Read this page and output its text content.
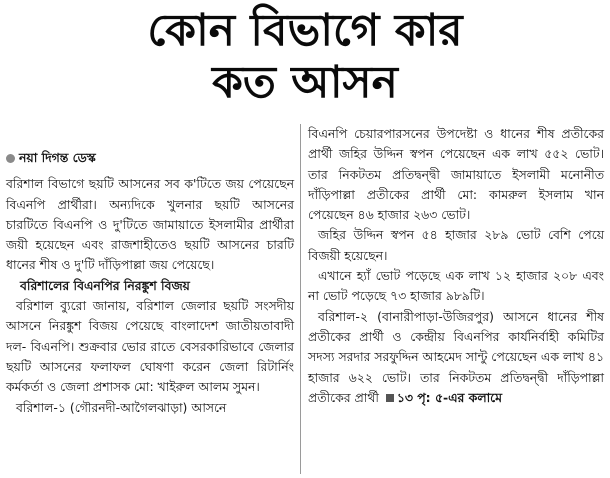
কোন বিভাগে কার
কত আসন
নয়া দিগন্ত ডেস্ক

বরিশাল বিভাগে ছয়টি আসনের সব ক'টিতে জয় পেয়েছেন বিএনপি প্রার্থীরা। অন্যদিকে খুলনার ছয়টি আসনের চারটিতে বিএনপি ও দু'টিতে জামায়াতে ইসলামীর প্রার্থীরা জয়ী হয়েছেন এবং রাজশাহীতেও ছয়টি আসনের চারটি ধানের শীষ ও দু'টি দাঁড়িপাল্লা জয় পেয়েছে।

বরিশালের বিএনপির নিরঙ্কুশ বিজয়

বরিশাল ব্যুরো জানায়, বরিশাল জেলার ছয়টি সংসদীয় আসনে নিরঙ্কুশ বিজয় পেয়েছে বাংলাদেশ জাতীয়তাবাদী দল- বিএনপি। শুক্রবার ভোর রাতে বেসরকারিভাবে জেলার ছয়টি আসনের ফলাফল ঘোষণা করেন জেলা রিটার্নিং কর্মকর্তা ও জেলা প্রশাসক মো: খাইরুল আলম সুমন।

বরিশাল-১ (গৌরনদী-আগৈলঝাড়া) আসনে

বিএনপি চেয়ারপারসনের উপদেষ্টা ও ধানের শীষ প্রতীকের প্রার্থী জহির উদ্দিন স্বপন পেয়েছেন এক লাখ ৫৫২ ভোট। তার নিকটতম প্রতিদ্বন্দ্বী জামায়াতে ইসলামী মনোনীত দাঁড়িপাল্লা প্রতীকের প্রার্থী মো: কামরুল ইসলাম খান পেয়েছেন ৪৬ হাজার ২৬৩ ভোট।

জহির উদ্দিন স্বপন ৫৪ হাজার ২৮৯ ভোট বেশি পেয়ে বিজয়ী হয়েছেন।

এখানে হ্যাঁ ভোট পড়েছে এক লাখ ১২ হাজার ২০৮ এবং না ভোট পড়েছে ৭৩ হাজার ৯৮৯টি।

বরিশাল-২ (বানারীপাড়া-উজিরপুর) আসনে ধানের শীষ প্রতীকের প্রার্থী ও কেন্দ্রীয় বিএনপির কার্যনির্বাহী কমিটির সদস্য সরদার সরফুদ্দিন আহমেদ সান্টু পেয়েছেন এক লাখ ৪১ হাজার ৬২২ ভোট। তার নিকটতম প্রতিদ্বন্দ্বী দাঁড়িপাল্লা প্রতীকের প্রার্থী ১৩ পৃ: ৫-এর কলামে
